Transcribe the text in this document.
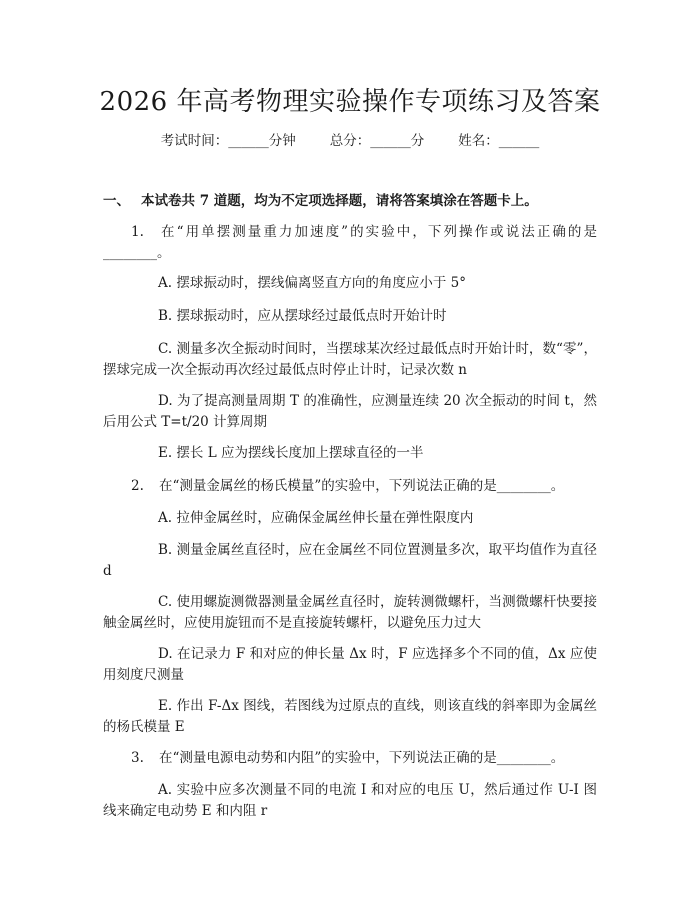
2026 年高考物理实验操作专项练习及答案
考试时间：______分钟	总分：______分	姓名：______
一、 本试卷共 7 道题，均为不定项选择题，请将答案填涂在答题卡上。
1. 在“用单摆测量重力加速度”的实验中，下列操作或说法正确的是________。
A. 摆球振动时，摆线偏离竖直方向的角度应小于 5°
B. 摆球振动时，应从摆球经过最低点时开始计时
C. 测量多次全振动时间时，当摆球某次经过最低点时开始计时，数“零”，摆球完成一次全振动再次经过最低点时停止计时，记录次数 n
D. 为了提高测量周期 T 的准确性，应测量连续 20 次全振动的时间 t，然后用公式 T=t/20 计算周期
E. 摆长 L 应为摆线长度加上摆球直径的一半
2. 在“测量金属丝的杨氏模量”的实验中，下列说法正确的是________。
A. 拉伸金属丝时，应确保金属丝伸长量在弹性限度内
B. 测量金属丝直径时，应在金属丝不同位置测量多次，取平均值作为直径 d
C. 使用螺旋测微器测量金属丝直径时，旋转测微螺杆，当测微螺杆快要接触金属丝时，应使用旋钮而不是直接旋转螺杆，以避免压力过大
D. 在记录力 F 和对应的伸长量 Δx 时，F 应选择多个不同的值，Δx 应使用刻度尺测量
E. 作出 F-Δx 图线，若图线为过原点的直线，则该直线的斜率即为金属丝的杨氏模量 E
3. 在“测量电源电动势和内阻”的实验中，下列说法正确的是________。
A. 实验中应多次测量不同的电流 I 和对应的电压 U，然后通过作 U-I 图线来确定电动势 E 和内阻 r
